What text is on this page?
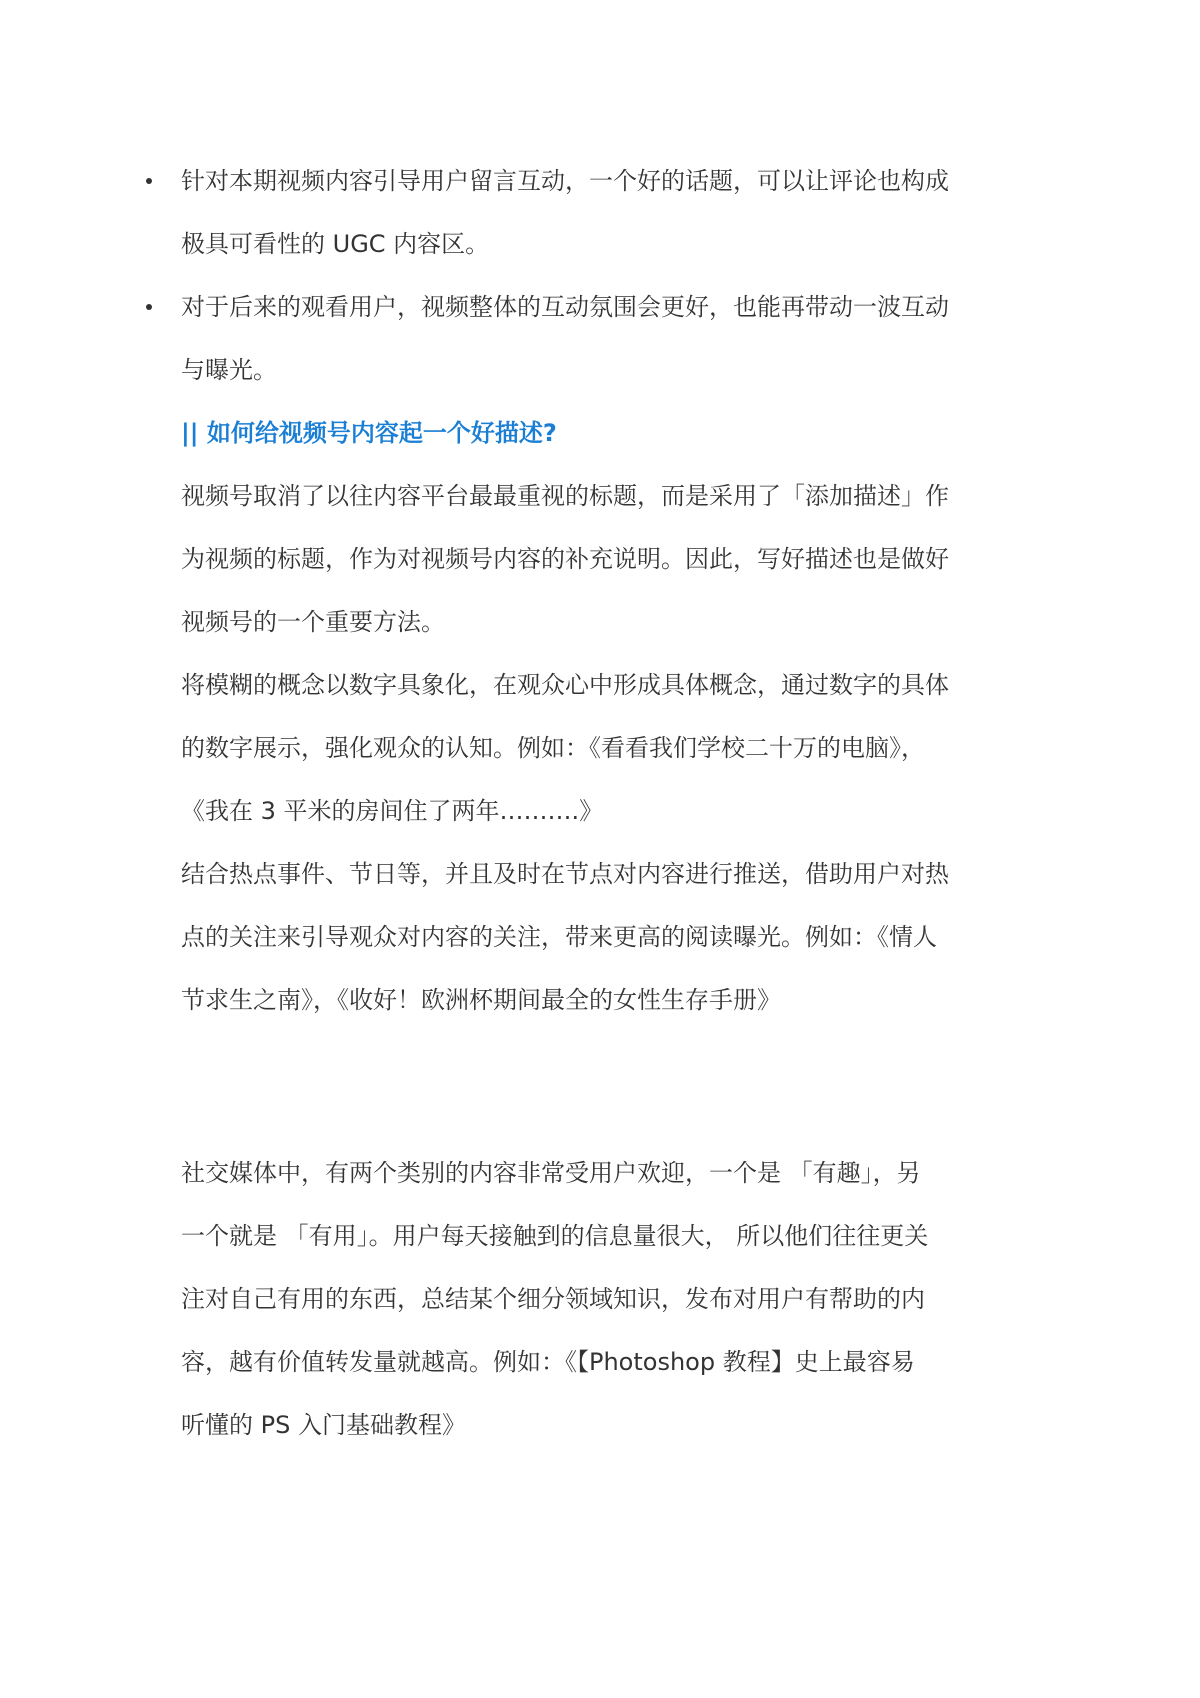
针对本期视频内容引导用户留言互动，一个好的话题，可以让评论也构成
极具可看性的 UGC 内容区。
对于后来的观看用户，视频整体的互动氛围会更好，也能再带动一波互动
与曝光。
|| 如何给视频号内容起一个好描述?
视频号取消了以往内容平台最最重视的标题，而是采用了「添加描述」作
为视频的标题，作为对视频号内容的补充说明。因此，写好描述也是做好
视频号的一个重要方法。
将模糊的概念以数字具象化，在观众心中形成具体概念，通过数字的具体
的数字展示，强化观众的认知。例如：《看看我们学校二十万的电脑》，
《我在 3 平米的房间住了两年……….》
结合热点事件、节日等，并且及时在节点对内容进行推送，借助用户对热
点的关注来引导观众对内容的关注，带来更高的阅读曝光。例如：《情人
节求生之南》，《收好！欧洲杯期间最全的女性生存手册》
社交媒体中，有两个类别的内容非常受用户欢迎，一个是 「有趣」，另
一个就是 「有用」。用户每天接触到的信息量很大， 所以他们往往更关
注对自己有用的东西，总结某个细分领域知识，发布对用户有帮助的内
容，越有价值转发量就越高。例如：《【Photoshop 教程】史上最容易
听懂的 PS 入门基础教程》
